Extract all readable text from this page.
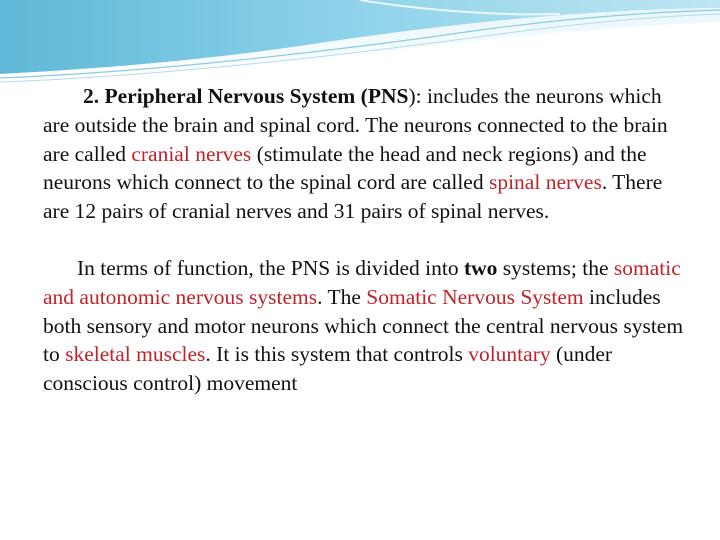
2. Peripheral Nervous System (PNS): includes the neurons which are outside the brain and spinal cord. The neurons connected to the brain are called cranial nerves (stimulate the head and neck regions) and the neurons which connect to the spinal cord are called spinal nerves. There are 12 pairs of cranial nerves and 31 pairs of spinal nerves.

In terms of function, the PNS is divided into two systems; the somatic and autonomic nervous systems. The Somatic Nervous System includes both sensory and motor neurons which connect the central nervous system to skeletal muscles. It is this system that controls voluntary (under conscious control) movement
